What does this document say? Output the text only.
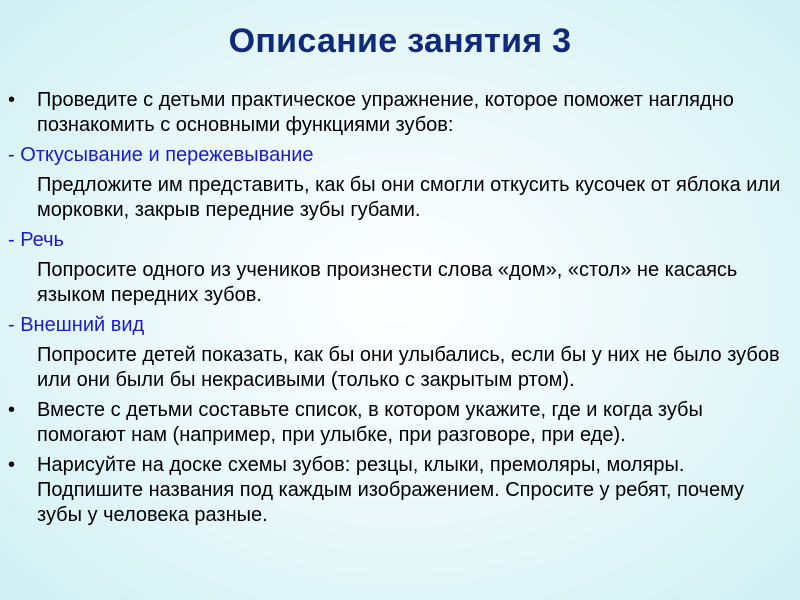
Описание занятия 3
• Проведите с детьми практическое упражнение, которое поможет наглядно познакомить с основными функциями зубов:
- Откусывание и пережевывание
Предложите им представить, как бы они смогли откусить кусочек от яблока или морковки, закрыв передние зубы губами.
- Речь
Попросите одного из учеников произнести слова «дом», «стол» не касаясь языком передних зубов.
- Внешний вид
Попросите детей показать, как бы они улыбались, если бы у них не было зубов или они были бы некрасивыми (только с закрытым ртом).
• Вместе с детьми составьте список, в котором укажите, где и когда зубы помогают нам (например, при улыбке, при разговоре, при еде).
• Нарисуйте на доске схемы зубов: резцы, клыки, премоляры, моляры. Подпишите названия под каждым изображением. Спросите у ребят, почему зубы у человека разные.
